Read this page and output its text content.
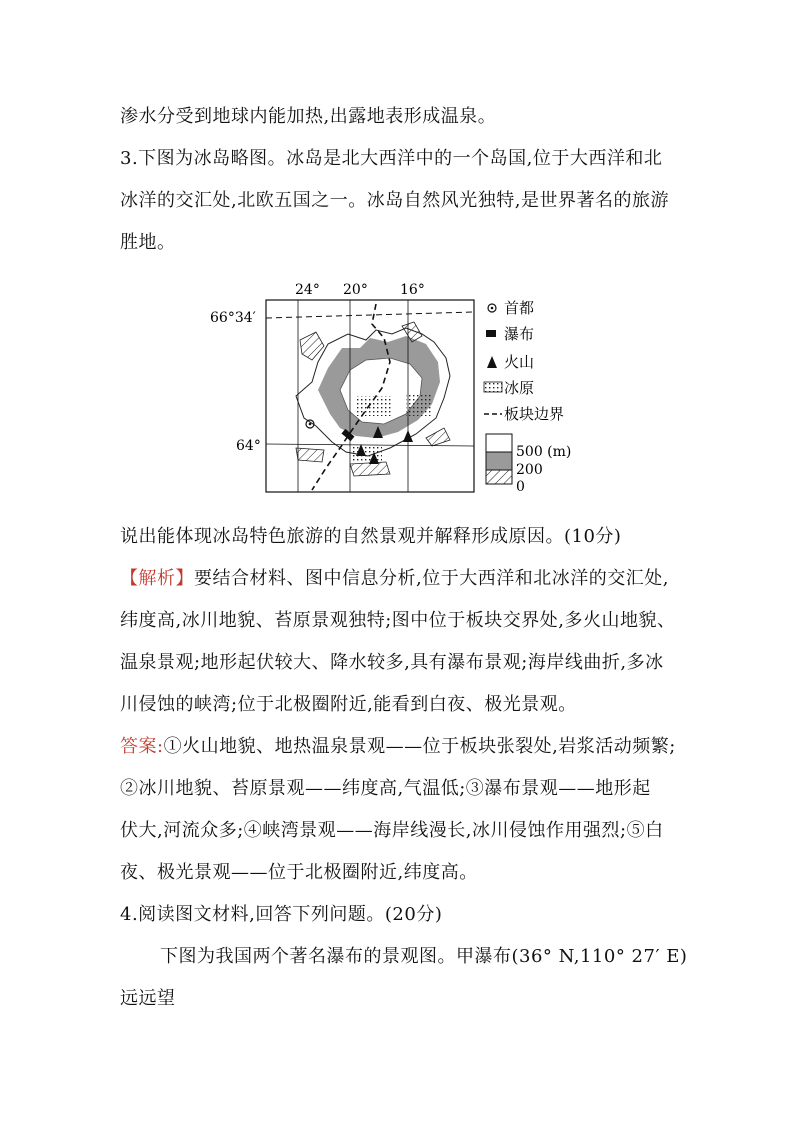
渗水分受到地球内能加热,出露地表形成温泉。
3.下图为冰岛略图。冰岛是北大西洋中的一个岛国,位于大西洋和北
冰洋的交汇处,北欧五国之一。冰岛自然风光独特,是世界著名的旅游
胜地。
24° 20° 16°
66°34′
64°
首都
瀑布
火山
冰原
板块边界
500 (m)
200
0
说出能体现冰岛特色旅游的自然景观并解释形成原因。(10分)
【解析】要结合材料、图中信息分析,位于大西洋和北冰洋的交汇处,
纬度高,冰川地貌、苔原景观独特;图中位于板块交界处,多火山地貌、
温泉景观;地形起伏较大、降水较多,具有瀑布景观;海岸线曲折,多冰
川侵蚀的峡湾;位于北极圈附近,能看到白夜、极光景观。
答案:①火山地貌、地热温泉景观——位于板块张裂处,岩浆活动频繁;
②冰川地貌、苔原景观——纬度高,气温低;③瀑布景观——地形起
伏大,河流众多;④峡湾景观——海岸线漫长,冰川侵蚀作用强烈;⑤白
夜、极光景观——位于北极圈附近,纬度高。
4.阅读图文材料,回答下列问题。(20分)
下图为我国两个著名瀑布的景观图。甲瀑布(36° N,110° 27′ E)
远远望
